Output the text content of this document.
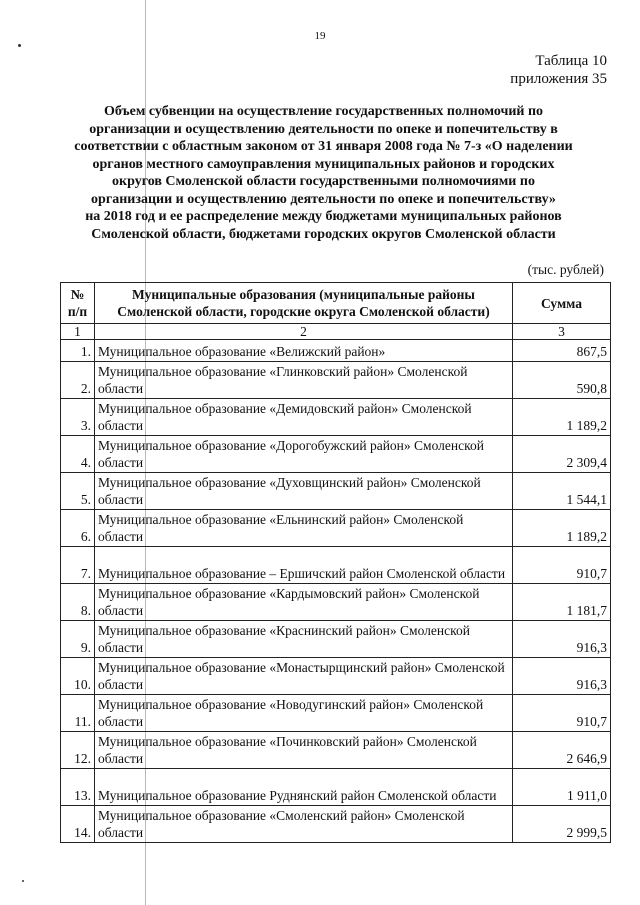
19
Таблица 10
приложения 35
Объем субвенции на осуществление государственных полномочий по
организации и осуществлению деятельности по опеке и попечительству в
соответствии с областным законом от 31 января 2008 года № 7-з «О наделении
органов местного самоуправления муниципальных районов и городских
округов Смоленской области государственными полномочиями по
организации и осуществлению деятельности по опеке и попечительству»
на 2018 год и ее распределение между бюджетами муниципальных районов
Смоленской области, бюджетами городских округов Смоленской области
(тыс. рублей)
№
п/п	Муниципальные образования (муниципальные районы Смоленской области, городские округа Смоленской области)	Сумма
1	2	3
1.	Муниципальное образование «Велижский район»	867,5
2.	Муниципальное образование «Глинковский район» Смоленской области	590,8
3.	Муниципальное образование «Демидовский район» Смоленской области	1 189,2
4.	Муниципальное образование «Дорогобужский район» Смоленской области	2 309,4
5.	Муниципальное образование «Духовщинский район» Смоленской области	1 544,1
6.	Муниципальное образование «Ельнинский район» Смоленской области	1 189,2
7.	Муниципальное образование – Ершичский район Смоленской области	910,7
8.	Муниципальное образование «Кардымовский район» Смоленской области	1 181,7
9.	Муниципальное образование «Краснинский район» Смоленской области	916,3
10.	Муниципальное образование «Монастырщинский район» Смоленской области	916,3
11.	Муниципальное образование «Новодугинский район» Смоленской области	910,7
12.	Муниципальное образование «Починковский район» Смоленской области	2 646,9
13.	Муниципальное образование Руднянский район Смоленской области	1 911,0
14.	Муниципальное образование «Смоленский район» Смоленской области	2 999,5
